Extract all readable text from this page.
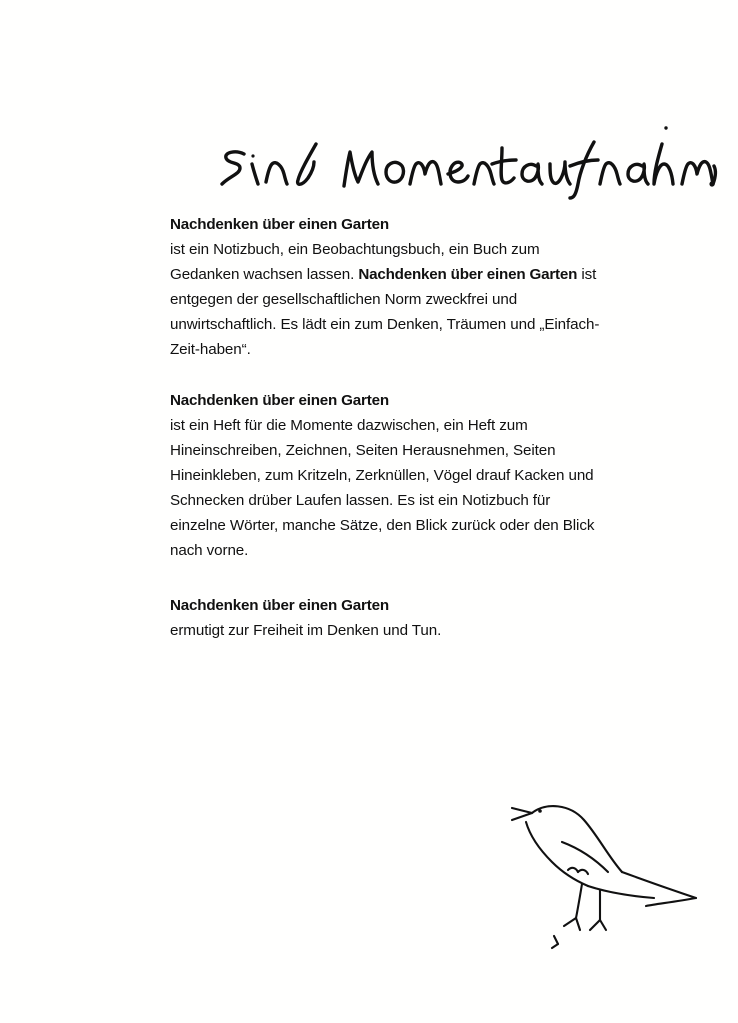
Nachdenken über einen Garten
ist ein Notizbuch, ein Beobachtungsbuch, ein Buch zum Gedanken wachsen lassen. Nachdenken über einen Garten ist entgegen der gesellschaftlichen Norm zweckfrei und unwirtschaftlich. Es lädt ein zum Denken, Träumen und „Einfach-Zeit-haben“.

Nachdenken über einen Garten
ist ein Heft für die Momente dazwischen, ein Heft zum Hineinschreiben, Zeichnen, Seiten Herausnehmen, Seiten Hineinkleben, zum Kritzeln, Zerknüllen, Vögel drauf Kacken und Schnecken drüber Laufen lassen. Es ist ein Notizbuch für einzelne Wörter, manche Sätze, den Blick zurück oder den Blick nach vorne.

Nachdenken über einen Garten
ermutigt zur Freiheit im Denken und Tun.
